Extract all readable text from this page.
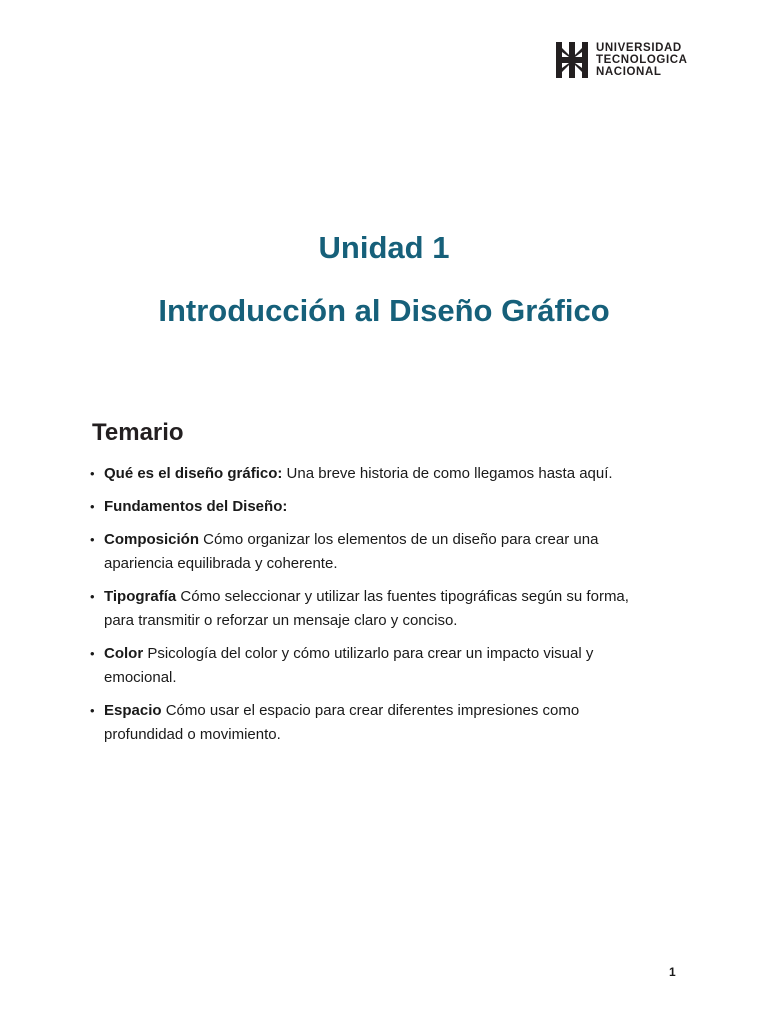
UNIVERSIDAD
TECNOLOGICA
NACIONAL
Unidad 1
Introducción al Diseño Gráfico
Temario
• Qué es el diseño gráfico: Una breve historia de como llegamos hasta aquí.
• Fundamentos del Diseño:
• Composición Cómo organizar los elementos de un diseño para crear una apariencia equilibrada y coherente.
• Tipografía Cómo seleccionar y utilizar las fuentes tipográficas según su forma, para transmitir o reforzar un mensaje claro y conciso.
• Color Psicología del color y cómo utilizarlo para crear un impacto visual y emocional.
• Espacio Cómo usar el espacio para crear diferentes impresiones como profundidad o movimiento.
1
